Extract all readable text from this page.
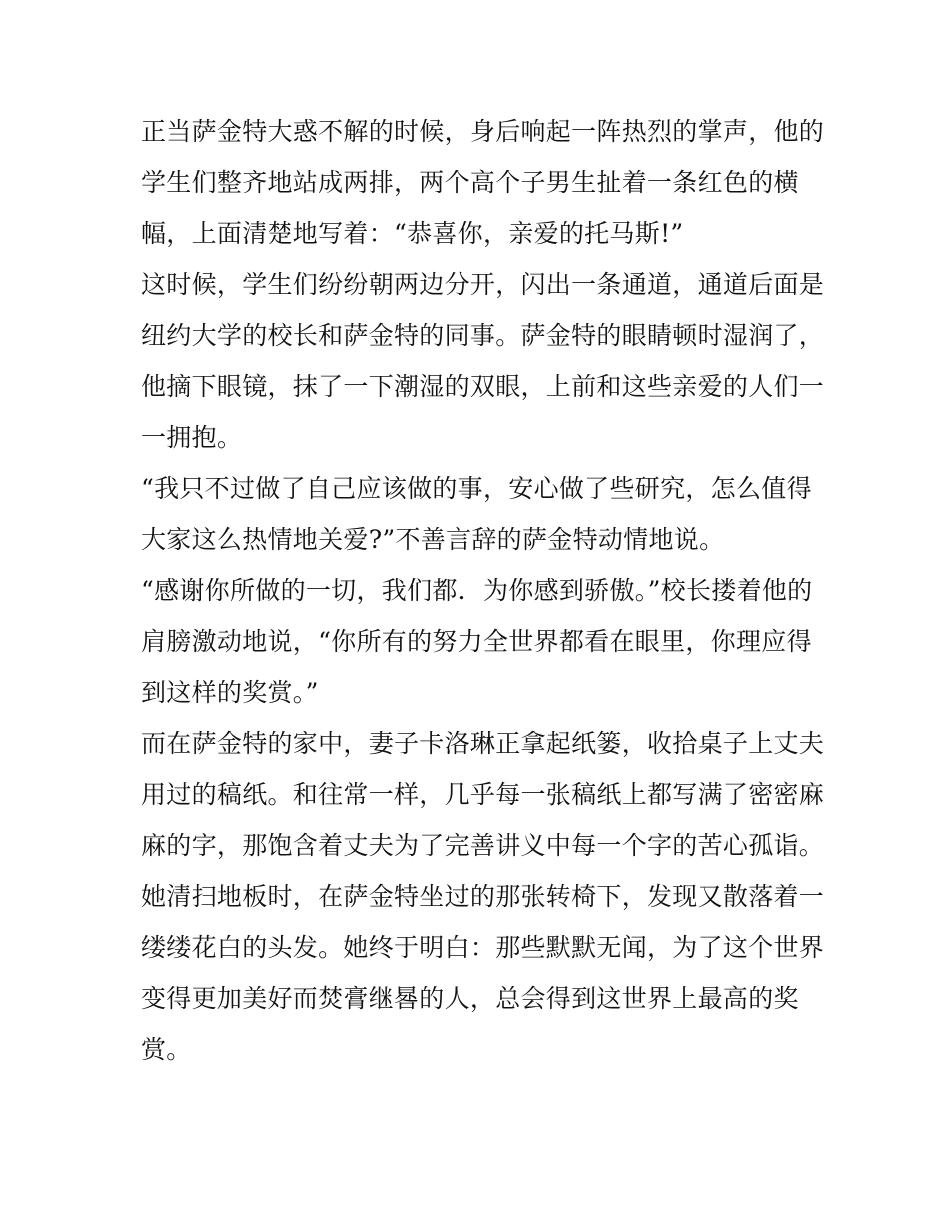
正当萨金特大惑不解的时候，身后响起一阵热烈的掌声，他的
学生们整齐地站成两排，两个高个子男生扯着一条红色的横
幅，上面清楚地写着：“恭喜你，亲爱的托马斯!”
这时候，学生们纷纷朝两边分开，闪出一条通道，通道后面是
纽约大学的校长和萨金特的同事。萨金特的眼睛顿时湿润了，
他摘下眼镜，抹了一下潮湿的双眼，上前和这些亲爱的人们一
一拥抱。
“我只不过做了自己应该做的事，安心做了些研究，怎么值得
大家这么热情地关爱?”不善言辞的萨金特动情地说。
“感谢你所做的一切，我们都．为你感到骄傲。”校长搂着他的
肩膀激动地说，“你所有的努力全世界都看在眼里，你理应得
到这样的奖赏。”
而在萨金特的家中，妻子卡洛琳正拿起纸篓，收拾桌子上丈夫
用过的稿纸。和往常一样，几乎每一张稿纸上都写满了密密麻
麻的字，那饱含着丈夫为了完善讲义中每一个字的苦心孤诣。
她清扫地板时，在萨金特坐过的那张转椅下，发现又散落着一
缕缕花白的头发。她终于明白：那些默默无闻，为了这个世界
变得更加美好而焚膏继晷的人，总会得到这世界上最高的奖
赏。
